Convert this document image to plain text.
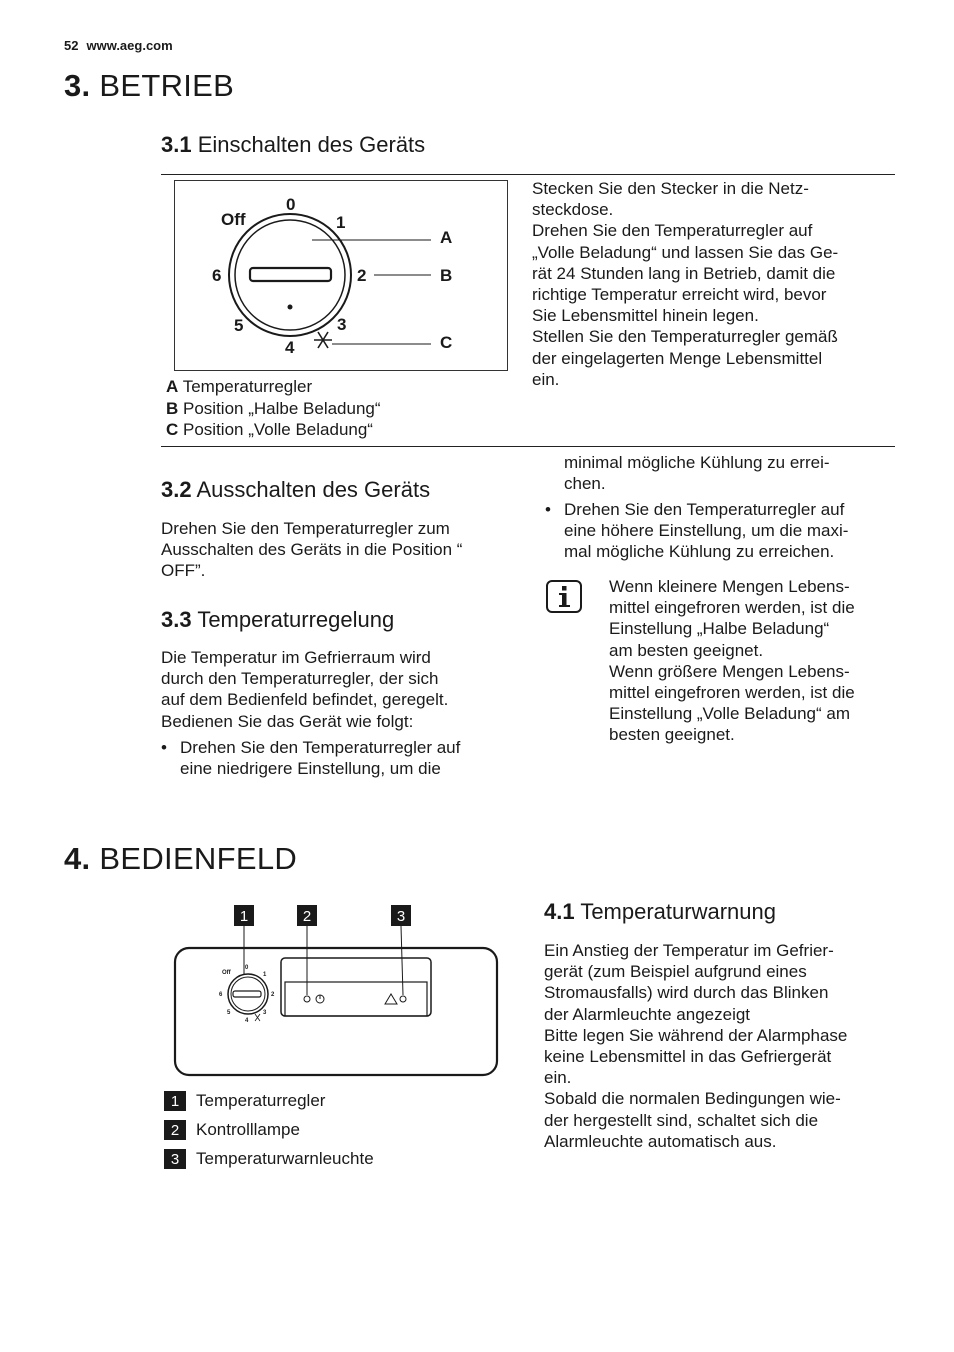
52 www.aeg.com
3. BETRIEB
3.1 Einschalten des Geräts
Off
0
1
2
3
4
5
6
A
B
C
A Temperaturregler
B Position „Halbe Beladung“
C Position „Volle Beladung“
Stecken Sie den Stecker in die Netz-
steckdose.
Drehen Sie den Temperaturregler auf
„Volle Beladung“ und lassen Sie das Ge-
rät 24 Stunden lang in Betrieb, damit die
richtige Temperatur erreicht wird, bevor
Sie Lebensmittel hinein legen.
Stellen Sie den Temperaturregler gemäß
der eingelagerten Menge Lebensmittel
ein.
3.2 Ausschalten des Geräts
Drehen Sie den Temperaturregler zum
Ausschalten des Geräts in die Position “
OFF”.
3.3 Temperaturregelung
Die Temperatur im Gefrierraum wird
durch den Temperaturregler, der sich
auf dem Bedienfeld befindet, geregelt.
Bedienen Sie das Gerät wie folgt:
• Drehen Sie den Temperaturregler auf
eine niedrigere Einstellung, um die
minimal mögliche Kühlung zu errei-
chen.
• Drehen Sie den Temperaturregler auf
eine höhere Einstellung, um die maxi-
mal mögliche Kühlung zu erreichen.
Wenn kleinere Mengen Lebens-
mittel eingefroren werden, ist die
Einstellung „Halbe Beladung“
am besten geeignet.
Wenn größere Mengen Lebens-
mittel eingefroren werden, ist die
Einstellung „Volle Beladung“ am
besten geeignet.
4. BEDIENFELD
1	2	3
Off
0
1
2
3
4
5
6
1 Temperaturregler
2 Kontrolllampe
3 Temperaturwarnleuchte
4.1 Temperaturwarnung
Ein Anstieg der Temperatur im Gefrier-
gerät (zum Beispiel aufgrund eines
Stromausfalls) wird durch das Blinken
der Alarmleuchte angezeigt
Bitte legen Sie während der Alarmphase
keine Lebensmittel in das Gefriergerät
ein.
Sobald die normalen Bedingungen wie-
der hergestellt sind, schaltet sich die
Alarmleuchte automatisch aus.
